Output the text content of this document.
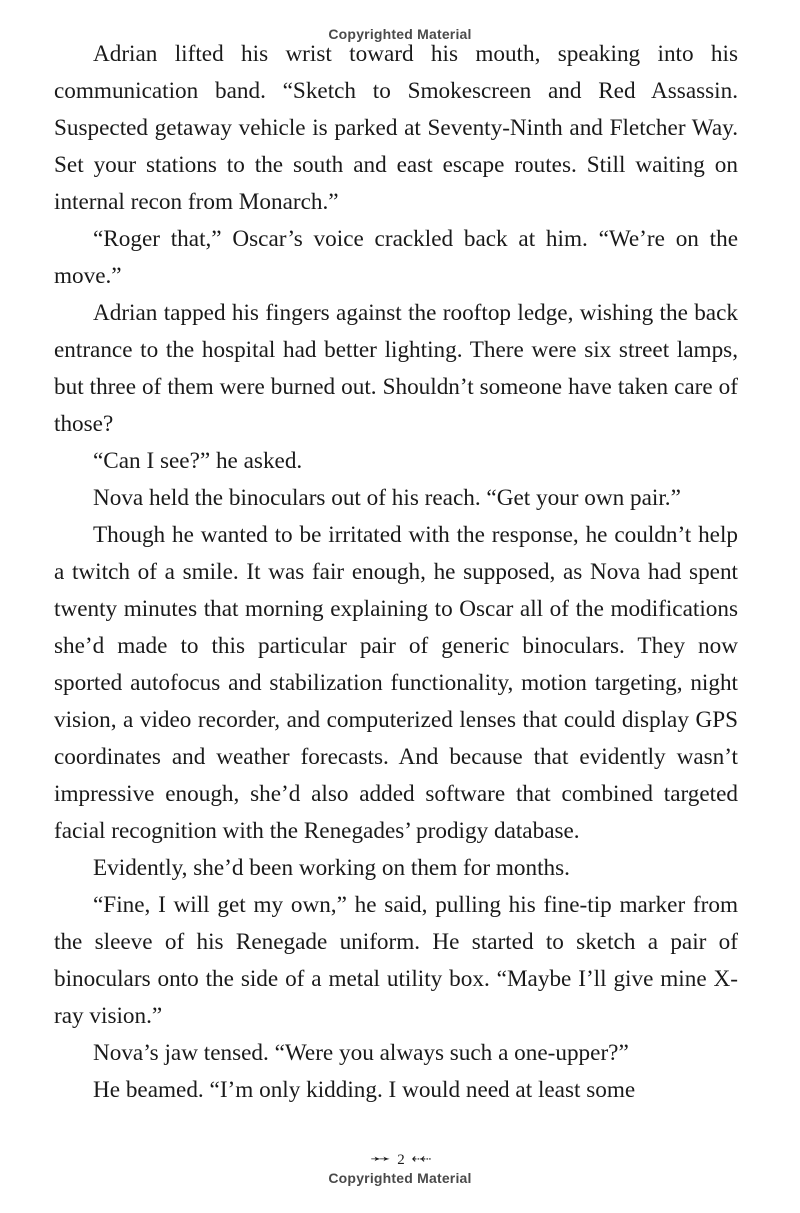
Copyrighted Material

Adrian lifted his wrist toward his mouth, speaking into his communication band. “Sketch to Smokescreen and Red Assassin. Suspected getaway vehicle is parked at Seventy-Ninth and Fletcher Way. Set your stations to the south and east escape routes. Still waiting on internal recon from Monarch.”

“Roger that,” Oscar’s voice crackled back at him. “We’re on the move.”

Adrian tapped his fingers against the rooftop ledge, wishing the back entrance to the hospital had better lighting. There were six street lamps, but three of them were burned out. Shouldn’t someone have taken care of those?

“Can I see?” he asked.

Nova held the binoculars out of his reach. “Get your own pair.”

Though he wanted to be irritated with the response, he couldn’t help a twitch of a smile. It was fair enough, he supposed, as Nova had spent twenty minutes that morning explaining to Oscar all of the modifications she’d made to this particular pair of generic binoculars. They now sported autofocus and stabilization functionality, motion targeting, night vision, a video recorder, and computerized lenses that could display GPS coordinates and weather forecasts. And because that evidently wasn’t impressive enough, she’d also added software that combined targeted facial recognition with the Renegades’ prodigy database.

Evidently, she’d been working on them for months.

“Fine, I will get my own,” he said, pulling his fine-tip marker from the sleeve of his Renegade uniform. He started to sketch a pair of binoculars onto the side of a metal utility box. “Maybe I’ll give mine X-ray vision.”

Nova’s jaw tensed. “Were you always such a one-upper?”

He beamed. “I’m only kidding. I would need at least some

➛➛ 2 ⇠⇠
Copyrighted Material
